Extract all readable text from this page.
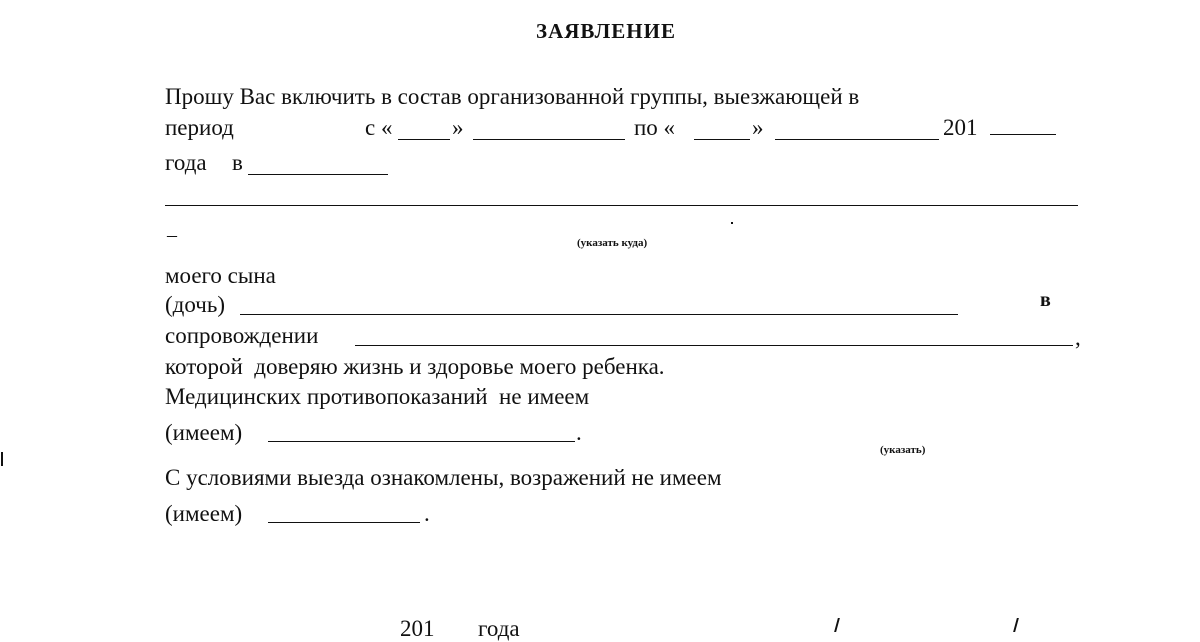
ЗАЯВЛЕНИЕ
Прошу Вас включить в состав организованной группы, выезжающей в
период	с «	»	по «	»	201
года в
–	(указать куда)
моего сына
(дочь)	в
сопровождении	,
которой  доверяю жизнь и здоровье моего ребенка.
Медицинских противопоказаний  не имеем
(имеем)	.
(указать)
С условиями выезда ознакомлены, возражений не имеем
(имеем)	.
201 года
